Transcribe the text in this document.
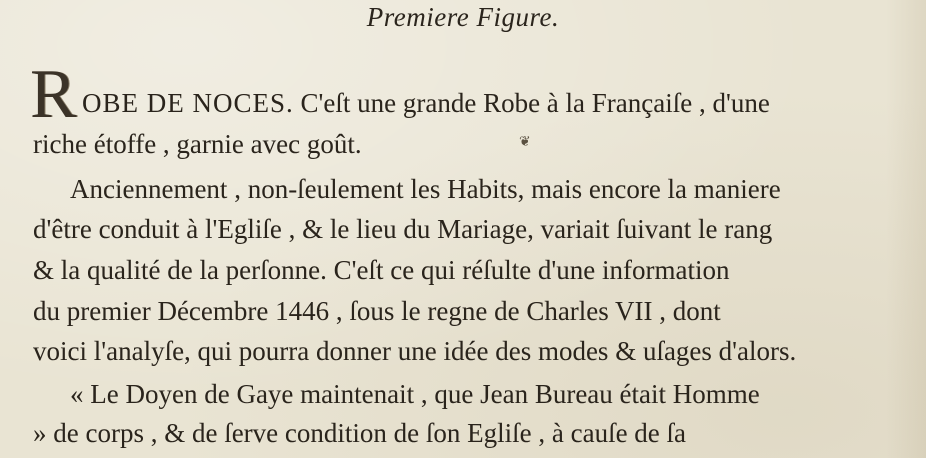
Premiere Figure.
R OBE DE NOCES. C'eſt une grande Robe à la Françaiſe , d'une
riche étoffe , garnie avec goût.	❦
Anciennement , non-ſeulement les Habits, mais encore la maniere
d'être conduit à l'Egliſe , & le lieu du Mariage, variait ſuivant le rang
& la qualité de la perſonne. C'eſt ce qui réſulte d'une information
du premier Décembre 1446 , ſous le regne de Charles VII , dont
voici l'analyſe, qui pourra donner une idée des modes & uſages d'alors.
« Le Doyen de Gaye maintenait , que Jean Bureau était Homme
» de corps , & de ſerve condition de ſon Egliſe , à cauſe de ſa
